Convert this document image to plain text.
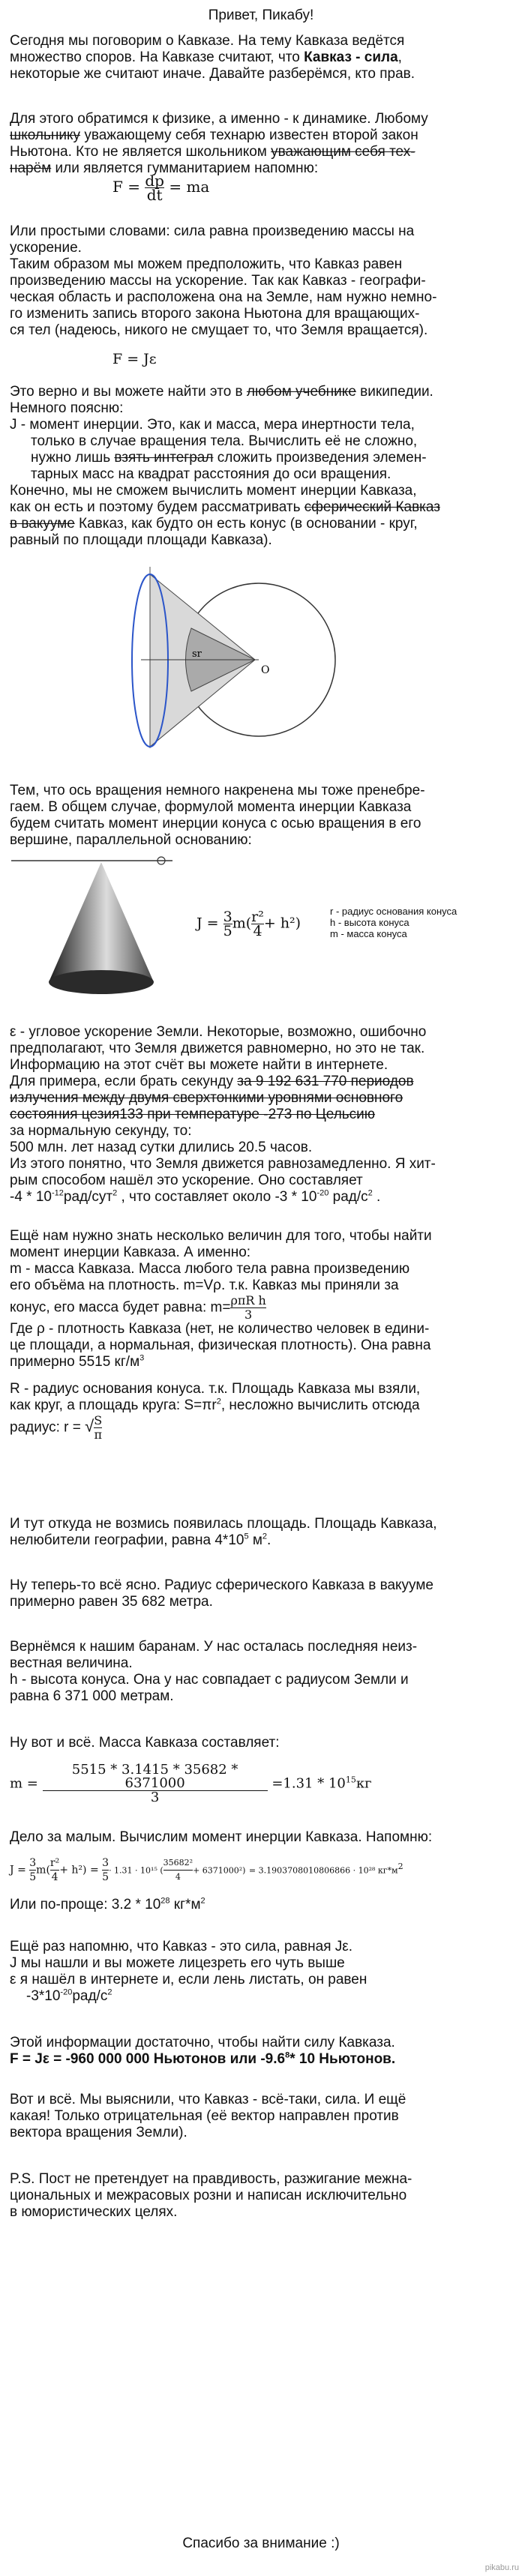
Привет, Пикабу!
Сегодня мы поговорим о Кавказе. На тему Кавказа ведётся
множество споров. На Кавказе считают, что Кавказ - сила,
некоторые же считают иначе. Давайте разберёмся, кто прав.
Для этого обратимся к физике, а именно - к динамике. Любому
школьнику уважающему себя технарю известен второй закон
Ньютона. Кто не является школьником уважающим себя тех-
нарём или является гумманитарием напомню:
$F = \frac{dp}{dt}$ = ma
Или простыми словами: сила равна произведению массы на
ускорение.
Таким образом мы можем предположить, что Кавказ равен
произведению массы на ускорение. Так как Кавказ - географи-
ческая область и расположена она на Земле, нам нужно немно-
го изменить запись второго закона Ньютона для вращающих-
ся тел (надеюсь, никого не смущает то, что Земля вращается).
F = Jε
Это верно и вы можете найти это в любом учебнике википедии.
Немного поясню:
J - момент инерции. Это, как и масса, мера инертности тела,
только в случае вращения тела. Вычислить её не сложно,
нужно лишь взять интеграл сложить произведения элемен-
тарных масс на квадрат расстояния до оси вращения.
Конечно, мы не сможем вычислить момент инерции Кавказа,
как он есть и поэтому будем рассматривать сферический Кавказ
в вакууме Кавказ, как будто он есть конус (в основании - круг,
равный по площади площади Кавказа).
sr
O
Тем, что ось вращения немного накренена мы тоже пренебре-
гаем. В общем случае, формулой момента инерции Кавказа
будем считать момент инерции конуса с осью вращения в его
вершине, параллельной основанию:
$J = \frac{3}{5} m( \frac{\text{r²}}{4} + h^2)$
r - радиус основания конуса
h - высота конуса
m - масса конуса
ε - угловое ускорение Земли. Некоторые, возможно, ошибочно
предполагают, что Земля движется равномерно, но это не так.
Информацию на этот счёт вы можете найти в интернете.
Для примера, если брать секунду за 9 192 631 770 периодов
излучения между двумя сверхтонкими уровнями основного
состояния цезия133 при температуре -273 по Цельсию
за нормальную секунду, то:
500 млн. лет назад сутки длились 20.5 часов.
Из этого понятно, что Земля движется равнозамедленно. Я хит-
рым способом нашёл это ускорение. Оно составляет
$-4 * 10^{-12}рад/сут^2$ , что составляет около $-3 * 10^{-20}$ рад/$с^2$ .
Ещё нам нужно знать несколько величин для того, чтобы найти
момент инерции Кавказа. А именно:
m - масса Кавказа. Масса любого тела равна произведению
его объёма на плотность. m=Vρ. т.к. Кавказ мы приняли за
конус, его масса будет равна: $m= \frac{\text{ρπR h}}{3}$
Где ρ - плотность Кавказа (нет, не количество человек в едини-
це площади, а нормальная, физическая плотность). Она равна
примерно 5515 $кг/м^3$
R - радиус основания конуса. т.к. Площадь Кавказа мы взяли,
как круг, а площадь круга: $S=\pi r^2$, несложно вычислить отсюда
радиус: r = √ $\frac{S}{\pi}$
И тут откуда не возмись появилась площадь. Площадь Кавказа,
нелюбители географии, равна $4*10^5$ $м^2$.
Ну теперь-то всё ясно. Радиус сферического Кавказа в вакууме
примерно равен 35 682 метра.
Вернёмся к нашим баранам. У нас осталась последняя неиз-
вестная величина.
h - высота конуса. Она у нас совпадает с радиусом Земли и
равна 6 371 000 метрам.
Ну вот и всё. Масса Кавказа составляет:
$m = \frac{5515 * 3.1415 * 35682 * 6371000}{3} =1.31 * 10^{15}кг$
Дело за малым. Вычислим момент инерции Кавказа. Напомню:
$J = \frac{3}{5} m( \frac{\text{r²}}{4} + h^2) = \frac{3}{5} \cdot 1.31 \cdot 10^{15}$ ( $\frac{\text{35682²}}{4} + 6371000^2) = 3.1903708010806866 \cdot 10^{28}$ $кг*м^2$
Или по-проще: $3.2 * 10^{28}$ $кг*м^2$
Ещё раз напомню, что Кавказ - это сила, равная Jε.
J мы нашли и вы можете лицезреть его чуть выше
ε я нашёл в интернете и, если лень листать, он равен
$-3*10^{-20}рад/с^2$
Этой информации достаточно, чтобы найти силу Кавказа.
F = Jε = -960 000 000 Ньютонов или $-9.6^8*$ 10 Ньютонов.
Вот и всё. Мы выяснили, что Кавказ - всё-таки, сила. И ещё
какая! Только отрицательная (её вектор направлен против
вектора вращения Земли).
P.S. Пост не претендует на правдивость, разжигание межна-
циональных и межрасовых розни и написан исключительно
в юмористических целях.
Спасибо за внимание :)
pikabu.ru
